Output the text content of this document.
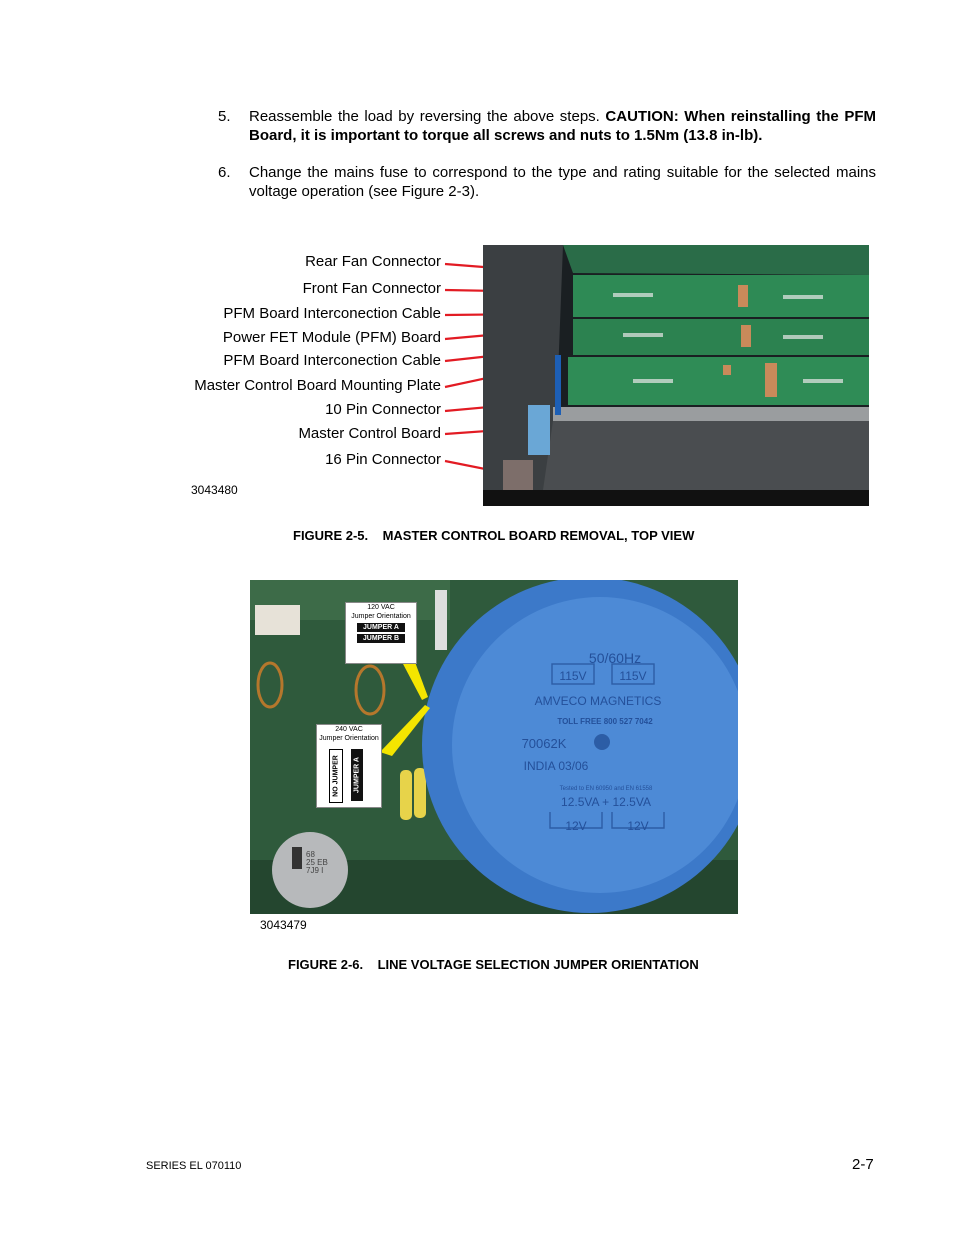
5. Reassemble the load by reversing the above steps. CAUTION: When reinstalling the PFM Board, it is important to torque all screws and nuts to 1.5Nm (13.8 in-lb).
6. Change the mains fuse to correspond to the type and rating suitable for the selected mains voltage operation (see Figure 2-3).
Rear Fan Connector
Front Fan Connector
PFM Board Interconection Cable
Power FET Module (PFM) Board
PFM Board Interconection Cable
Master Control Board Mounting Plate
10 Pin Connector
Master Control Board
16 Pin Connector
3043480
FIGURE 2-5.    MASTER CONTROL BOARD REMOVAL, TOP VIEW
50/60Hz
115V	115V
AMVECO MAGNETICS
TOLL FREE 800 527 7042
70062K
INDIA 03/06
Tested to EN 60950 and EN 61558
12.5VA + 12.5VA
12V	12V
68
25 EB
7J9 I
120 VAC
Jumper Orientation
JUMPER A
JUMPER B
240 VAC
Jumper Orientation
NO JUMPER JUMPER A
3043479
FIGURE 2-6.    LINE VOLTAGE SELECTION JUMPER ORIENTATION
SERIES EL 070110	2-7
